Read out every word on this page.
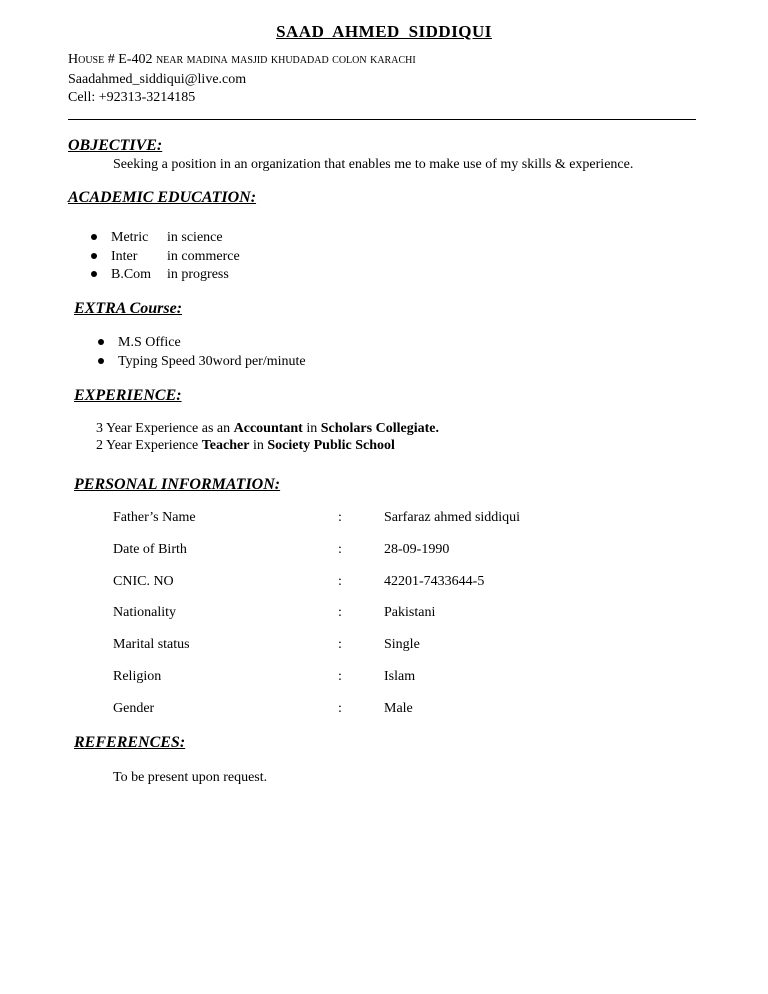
SAAD AHMED SIDDIQUI
House # E-402 near madina masjid khudadad colon karachi
Saadahmed_siddiqui@live.com
Cell: +92313-3214185
OBJECTIVE:
Seeking a position in an organization that enables me to make use of my skills & experience.
ACADEMIC EDUCATION:
Metric in science
Inter in commerce
B.Com in progress
EXTRA Course:
M.S Office
Typing Speed 30word per/minute
EXPERIENCE:
3 Year Experience as an Accountant in Scholars Collegiate.
2 Year Experience Teacher in Society Public School
PERSONAL INFORMATION:
Father’s Name	:	Sarfaraz ahmed siddiqui
Date of Birth	:	28-09-1990
CNIC. NO	:	42201-7433644-5
Nationality	:	Pakistani
Marital status	:	Single
Religion	:	Islam
Gender	:	Male
REFERENCES:
To be present upon request.
